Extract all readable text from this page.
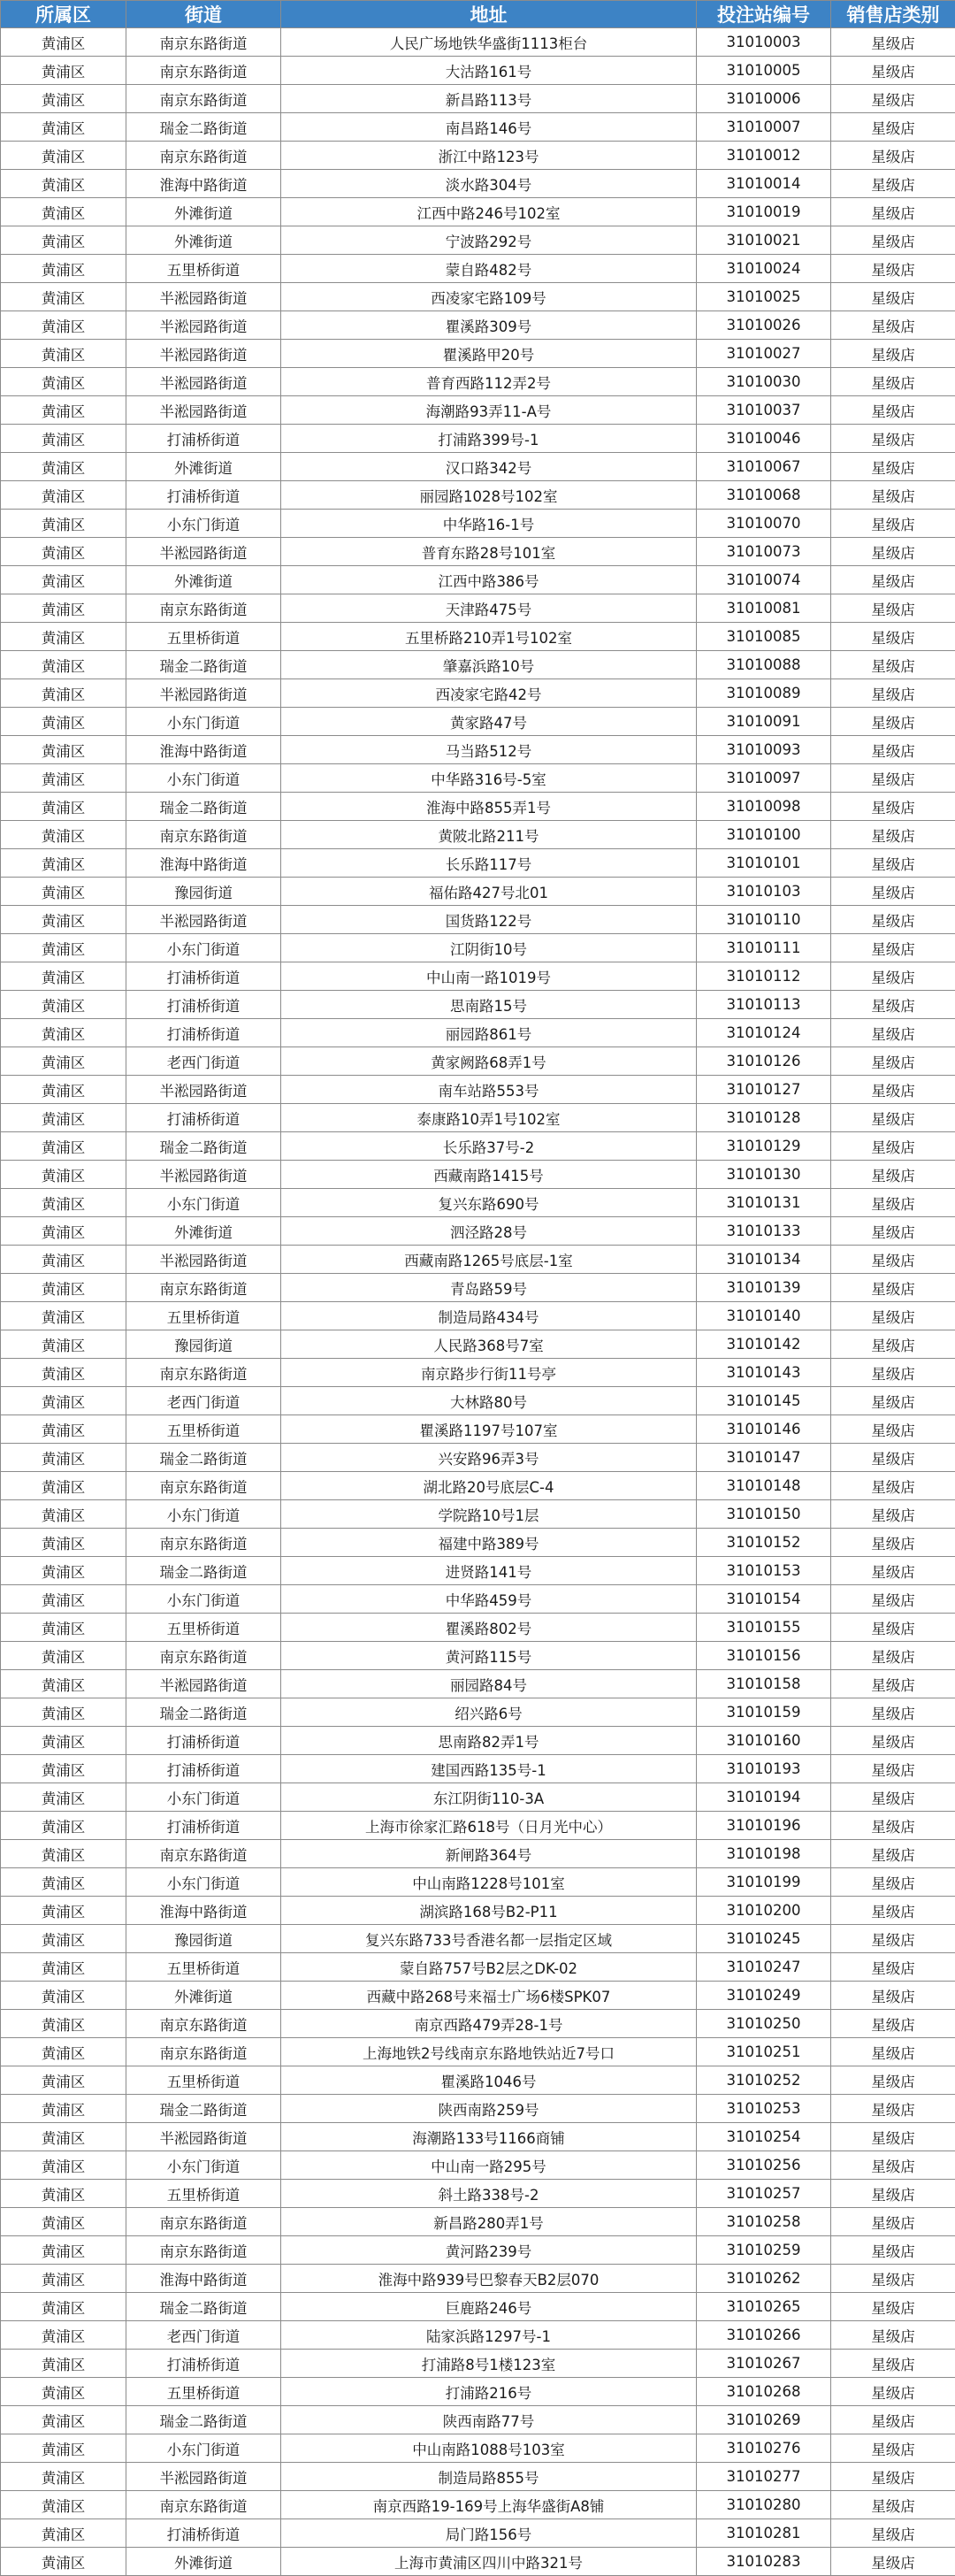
所属区	街道	地址	投注站编号	销售店类别
黄浦区	南京东路街道	人民广场地铁华盛街1113柜台	31010003	星级店
黄浦区	南京东路街道	大沽路161号	31010005	星级店
黄浦区	南京东路街道	新昌路113号	31010006	星级店
黄浦区	瑞金二路街道	南昌路146号	31010007	星级店
黄浦区	南京东路街道	浙江中路123号	31010012	星级店
黄浦区	淮海中路街道	淡水路304号	31010014	星级店
黄浦区	外滩街道	江西中路246号102室	31010019	星级店
黄浦区	外滩街道	宁波路292号	31010021	星级店
黄浦区	五里桥街道	蒙自路482号	31010024	星级店
黄浦区	半淞园路街道	西凌家宅路109号	31010025	星级店
黄浦区	半淞园路街道	瞿溪路309号	31010026	星级店
黄浦区	半淞园路街道	瞿溪路甲20号	31010027	星级店
黄浦区	半淞园路街道	普育西路112弄2号	31010030	星级店
黄浦区	半淞园路街道	海潮路93弄11-A号	31010037	星级店
黄浦区	打浦桥街道	打浦路399号-1	31010046	星级店
黄浦区	外滩街道	汉口路342号	31010067	星级店
黄浦区	打浦桥街道	丽园路1028号102室	31010068	星级店
黄浦区	小东门街道	中华路16-1号	31010070	星级店
黄浦区	半淞园路街道	普育东路28号101室	31010073	星级店
黄浦区	外滩街道	江西中路386号	31010074	星级店
黄浦区	南京东路街道	天津路475号	31010081	星级店
黄浦区	五里桥街道	五里桥路210弄1号102室	31010085	星级店
黄浦区	瑞金二路街道	肇嘉浜路10号	31010088	星级店
黄浦区	半淞园路街道	西凌家宅路42号	31010089	星级店
黄浦区	小东门街道	黄家路47号	31010091	星级店
黄浦区	淮海中路街道	马当路512号	31010093	星级店
黄浦区	小东门街道	中华路316号-5室	31010097	星级店
黄浦区	瑞金二路街道	淮海中路855弄1号	31010098	星级店
黄浦区	南京东路街道	黄陂北路211号	31010100	星级店
黄浦区	淮海中路街道	长乐路117号	31010101	星级店
黄浦区	豫园街道	福佑路427号北01	31010103	星级店
黄浦区	半淞园路街道	国货路122号	31010110	星级店
黄浦区	小东门街道	江阴街10号	31010111	星级店
黄浦区	打浦桥街道	中山南一路1019号	31010112	星级店
黄浦区	打浦桥街道	思南路15号	31010113	星级店
黄浦区	打浦桥街道	丽园路861号	31010124	星级店
黄浦区	老西门街道	黄家阙路68弄1号	31010126	星级店
黄浦区	半淞园路街道	南车站路553号	31010127	星级店
黄浦区	打浦桥街道	泰康路10弄1号102室	31010128	星级店
黄浦区	瑞金二路街道	长乐路37号-2	31010129	星级店
黄浦区	半淞园路街道	西藏南路1415号	31010130	星级店
黄浦区	小东门街道	复兴东路690号	31010131	星级店
黄浦区	外滩街道	泗泾路28号	31010133	星级店
黄浦区	半淞园路街道	西藏南路1265号底层-1室	31010134	星级店
黄浦区	南京东路街道	青岛路59号	31010139	星级店
黄浦区	五里桥街道	制造局路434号	31010140	星级店
黄浦区	豫园街道	人民路368号7室	31010142	星级店
黄浦区	南京东路街道	南京路步行街11号亭	31010143	星级店
黄浦区	老西门街道	大林路80号	31010145	星级店
黄浦区	五里桥街道	瞿溪路1197号107室	31010146	星级店
黄浦区	瑞金二路街道	兴安路96弄3号	31010147	星级店
黄浦区	南京东路街道	湖北路20号底层C-4	31010148	星级店
黄浦区	小东门街道	学院路10号1层	31010150	星级店
黄浦区	南京东路街道	福建中路389号	31010152	星级店
黄浦区	瑞金二路街道	进贤路141号	31010153	星级店
黄浦区	小东门街道	中华路459号	31010154	星级店
黄浦区	五里桥街道	瞿溪路802号	31010155	星级店
黄浦区	南京东路街道	黄河路115号	31010156	星级店
黄浦区	半淞园路街道	丽园路84号	31010158	星级店
黄浦区	瑞金二路街道	绍兴路6号	31010159	星级店
黄浦区	打浦桥街道	思南路82弄1号	31010160	星级店
黄浦区	打浦桥街道	建国西路135号-1	31010193	星级店
黄浦区	小东门街道	东江阴街110-3A	31010194	星级店
黄浦区	打浦桥街道	上海市徐家汇路618号（日月光中心）	31010196	星级店
黄浦区	南京东路街道	新闸路364号	31010198	星级店
黄浦区	小东门街道	中山南路1228号101室	31010199	星级店
黄浦区	淮海中路街道	湖滨路168号B2-P11	31010200	星级店
黄浦区	豫园街道	复兴东路733号香港名都一层指定区域	31010245	星级店
黄浦区	五里桥街道	蒙自路757号B2层之DK-02	31010247	星级店
黄浦区	外滩街道	西藏中路268号来福士广场6楼SPK07	31010249	星级店
黄浦区	南京东路街道	南京西路479弄28-1号	31010250	星级店
黄浦区	南京东路街道	上海地铁2号线南京东路地铁站近7号口	31010251	星级店
黄浦区	五里桥街道	瞿溪路1046号	31010252	星级店
黄浦区	瑞金二路街道	陕西南路259号	31010253	星级店
黄浦区	半淞园路街道	海潮路133号1166商铺	31010254	星级店
黄浦区	小东门街道	中山南一路295号	31010256	星级店
黄浦区	五里桥街道	斜土路338号-2	31010257	星级店
黄浦区	南京东路街道	新昌路280弄1号	31010258	星级店
黄浦区	南京东路街道	黄河路239号	31010259	星级店
黄浦区	淮海中路街道	淮海中路939号巴黎春天B2层070	31010262	星级店
黄浦区	瑞金二路街道	巨鹿路246号	31010265	星级店
黄浦区	老西门街道	陆家浜路1297号-1	31010266	星级店
黄浦区	打浦桥街道	打浦路8号1楼123室	31010267	星级店
黄浦区	五里桥街道	打浦路216号	31010268	星级店
黄浦区	瑞金二路街道	陕西南路77号	31010269	星级店
黄浦区	小东门街道	中山南路1088号103室	31010276	星级店
黄浦区	半淞园路街道	制造局路855号	31010277	星级店
黄浦区	南京东路街道	南京西路19-169号上海华盛街A8铺	31010280	星级店
黄浦区	打浦桥街道	局门路156号	31010281	星级店
黄浦区	外滩街道	上海市黄浦区四川中路321号	31010283	星级店
